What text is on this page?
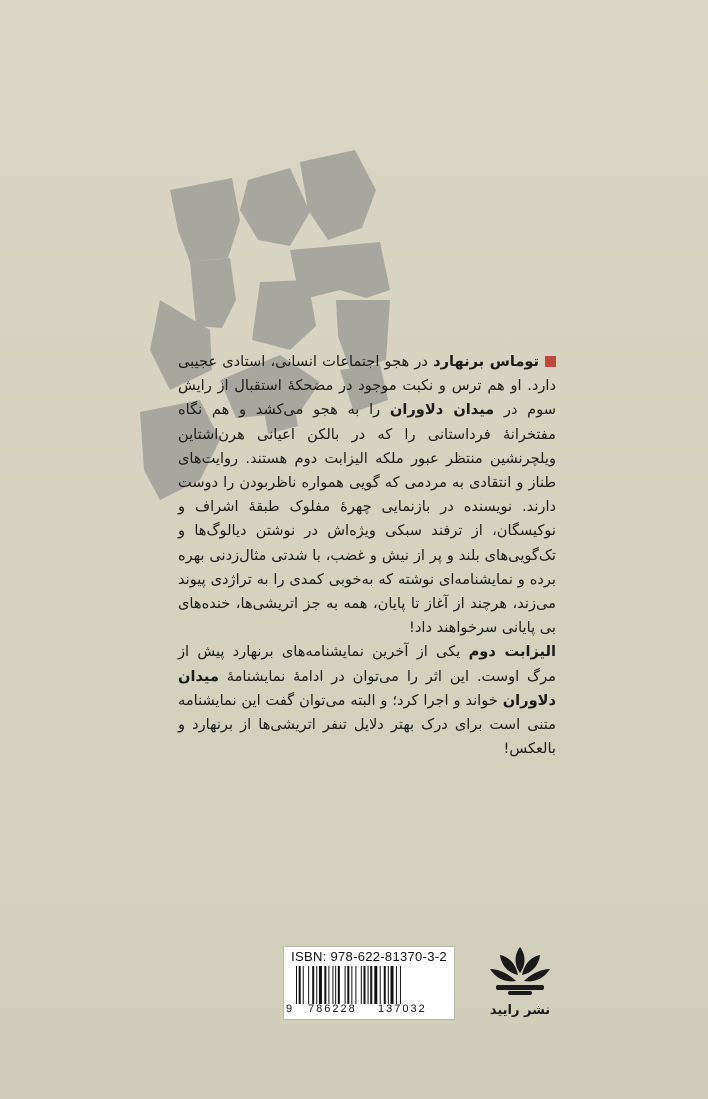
توماس برنهارد در هجو اجتماعات انسانی، استادی عجیبی دارد. او هم ترس و نکبت موجود در مضحکهٔ استقبال از رایش سوم در میدان دلاوران را به هجو می‌کشد و هم نگاه مفتخرانهٔ فرداستانی را که در بالکن اعیانی هرن‌اشتاین ویلچرنشین منتظر عبور ملکه الیزابت دوم هستند. روایت‌های طناز و انتقادی به مردمی که گویی همواره ناظربودن را دوست دارند. نویسنده در بازنمایی چهرهٔ مفلوک طبقهٔ اشراف و نوکیسگان، از ترفند سبکی ویژه‌اش در نوشتن دیالوگ‌ها و تک‌گویی‌های بلند و پر از نیش و غضب، با شدتی مثال‌زدنی بهره برده و نمایشنامه‌ای نوشته که به‌خوبی کمدی را به تراژدی پیوند می‌زند، هرچند از آغاز تا پایان، همه به جز اتریشی‌ها، خنده‌های بی پایانی سرخواهند داد!

الیزابت دوم یکی از آخرین نمایشنامه‌های برنهارد پیش از مرگ اوست. این اثر را می‌توان در ادامهٔ نمایشنامهٔ میدان دلاوران خواند و اجرا کرد؛ و البته می‌توان گفت این نمایشنامه متنی است برای درک بهتر دلایل تنفر اتریشی‌ها از برنهارد و بالعکس!

ISBN: 978-622-81370-3-2
9 786228 137032	نشر رایید
